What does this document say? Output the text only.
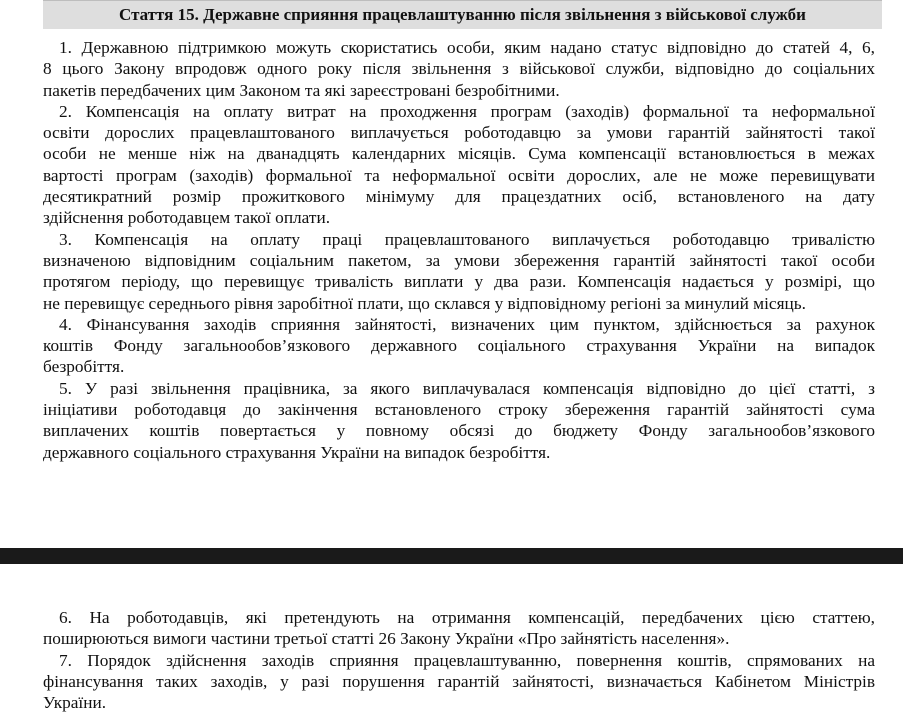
Стаття 15. Державне сприяння працевлаштуванню після звільнення з військової служби

1. Державною підтримкою можуть скористатись особи, яким надано статус відповідно до статей 4, 6,
8 цього Закону впродовж одного року після звільнення з військової служби, відповідно до соціальних
пакетів передбачених цим Законом та які зареєстровані безробітними.

2. Компенсація на оплату витрат на проходження програм (заходів) формальної та неформальної
освіти дорослих працевлаштованого виплачується роботодавцю за умови гарантій зайнятості такої
особи не менше ніж на дванадцять календарних місяців. Сума компенсації встановлюється в межах
вартості програм (заходів) формальної та неформальної освіти дорослих, але не може перевищувати
десятикратний розмір прожиткового мінімуму для працездатних осіб, встановленого на дату
здійснення роботодавцем такої оплати.

3. Компенсація на оплату праці працевлаштованого виплачується роботодавцю тривалістю
визначеною відповідним соціальним пакетом, за умови збереження гарантій зайнятості такої особи
протягом періоду, що перевищує тривалість виплати у два рази. Компенсація надається у розмірі, що
не перевищує середнього рівня заробітної плати, що склався у відповідному регіоні за минулий місяць.

4. Фінансування заходів сприяння зайнятості, визначених цим пунктом, здійснюється за рахунок
коштів Фонду загальнообов’язкового державного соціального страхування України на випадок
безробіття.

5. У разі звільнення працівника, за якого виплачувалася компенсація відповідно до цієї статті, з
ініціативи роботодавця до закінчення встановленого строку збереження гарантій зайнятості сума
виплачених коштів повертається у повному обсязі до бюджету Фонду загальнообов’язкового
державного соціального страхування України на випадок безробіття.

6. На роботодавців, які претендують на отримання компенсацій, передбачених цією статтею,
поширюються вимоги частини третьої статті 26 Закону України «Про зайнятість населення».

7. Порядок здійснення заходів сприяння працевлаштуванню, повернення коштів, спрямованих на
фінансування таких заходів, у разі порушення гарантій зайнятості, визначається Кабінетом Міністрів
України.
